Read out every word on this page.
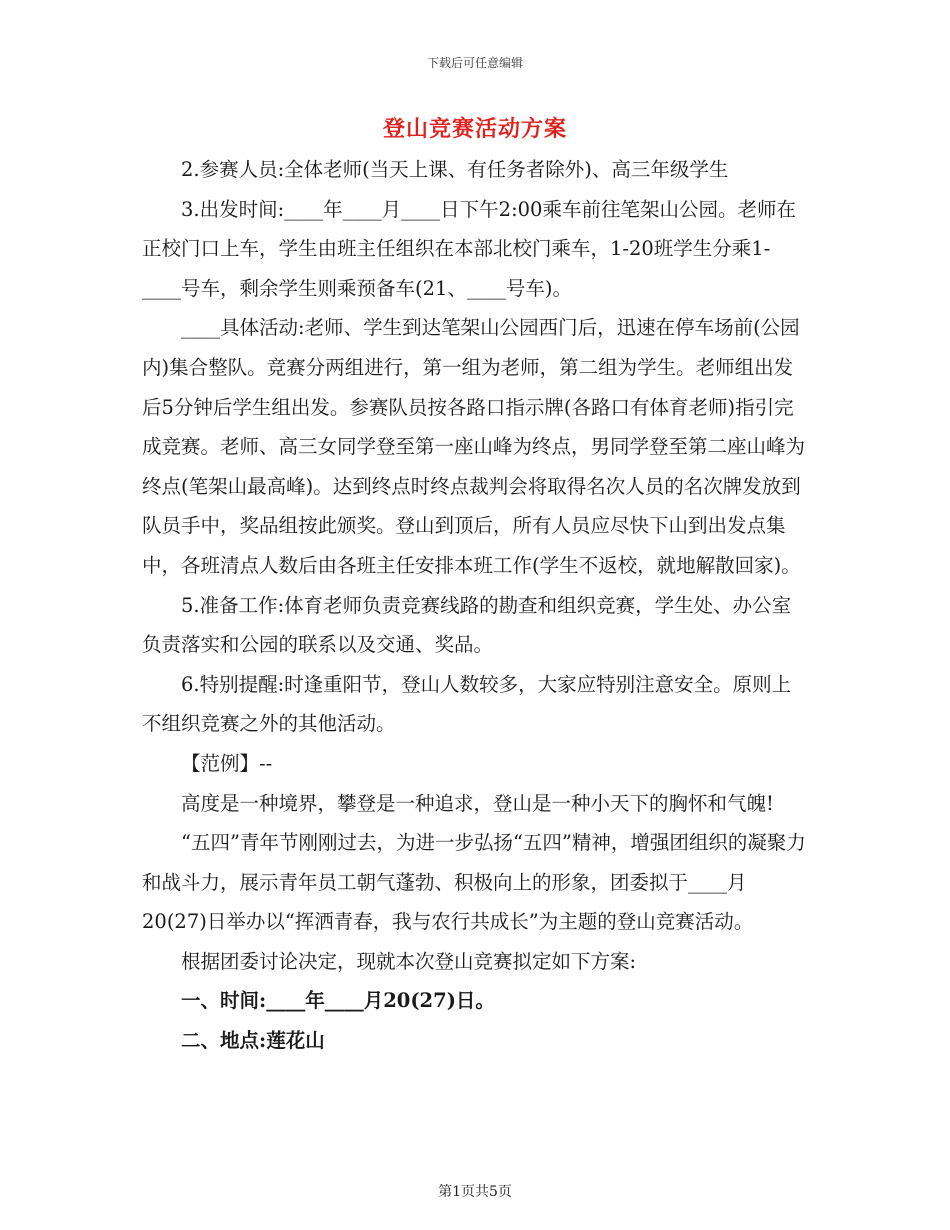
下载后可任意编辑
登山竞赛活动方案

2.参赛人员:全体老师(当天上课、有任务者除外)、高三年级学生

3.出发时间:____年____月____日下午2:00乘车前往笔架山公园。老师在正校门口上车，学生由班主任组织在本部北校门乘车，1-20班学生分乘1-____号车，剩余学生则乘预备车(21、____号车)。

____具体活动:老师、学生到达笔架山公园西门后，迅速在停车场前(公园内)集合整队。竞赛分两组进行，第一组为老师，第二组为学生。老师组出发后5分钟后学生组出发。参赛队员按各路口指示牌(各路口有体育老师)指引完成竞赛。老师、高三女同学登至第一座山峰为终点，男同学登至第二座山峰为终点(笔架山最高峰)。达到终点时终点裁判会将取得名次人员的名次牌发放到队员手中，奖品组按此颁奖。登山到顶后，所有人员应尽快下山到出发点集中，各班清点人数后由各班主任安排本班工作(学生不返校，就地解散回家)。

5.准备工作:体育老师负责竞赛线路的勘查和组织竞赛，学生处、办公室负责落实和公园的联系以及交通、奖品。

6.特别提醒:时逢重阳节，登山人数较多，大家应特别注意安全。原则上不组织竞赛之外的其他活动。

【范例】--

高度是一种境界，攀登是一种追求，登山是一种小天下的胸怀和气魄!

“五四”青年节刚刚过去，为进一步弘扬“五四”精神，增强团组织的凝聚力和战斗力，展示青年员工朝气蓬勃、积极向上的形象，团委拟于____月20(27)日举办以“挥洒青春，我与农行共成长”为主题的登山竞赛活动。

根据团委讨论决定，现就本次登山竞赛拟定如下方案:

一、时间:____年____月20(27)日。

二、地点:莲花山

第1页共5页
